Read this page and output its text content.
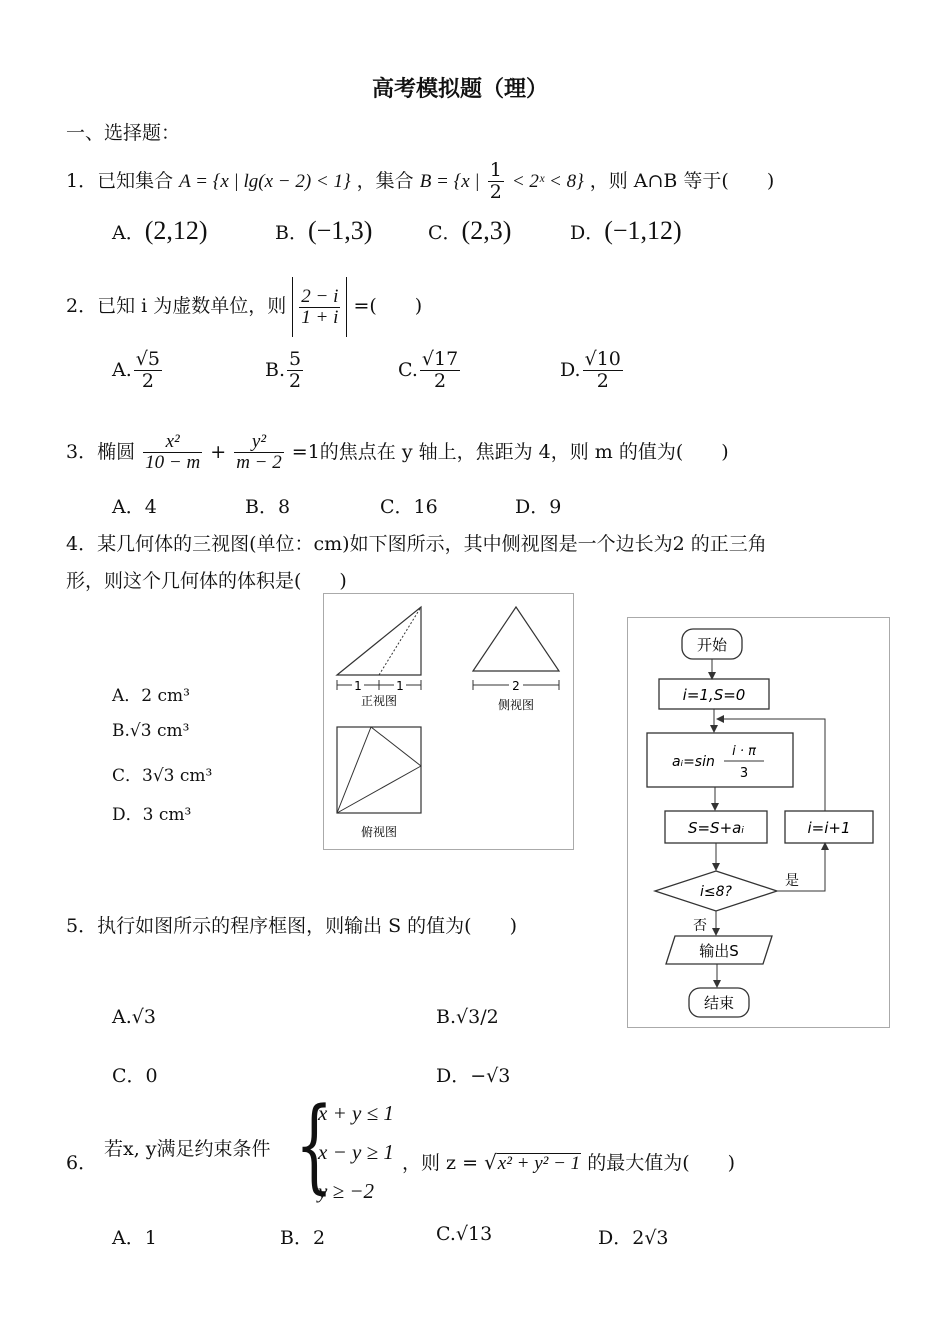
高考模拟题（理）
一、选择题：
1．已知集合 A = {x | lg(x − 2) < 1} ，集合 B = {x | $\frac{1}{2}$ < 2ˣ < 8} ，则 A∩B 等于(　　)
A．(2,12)	B．(−1,3)	C．(2,3)	D．(−1,12)
2．已知 i 为虚数单位，则 $\frac{2 - i}{1 + i}$ =(　　)
A. $\frac{√5}{2}$	B. $\frac{5}{2}$	C. $\frac{√17}{2}$	D. $\frac{√10}{2}$
3．椭圆 $\frac{\text{x²}}{10 - m} + \frac{\text{y²}}{m - 2} =1$的焦点在 y 轴上，焦距为 4，则 m 的值为(　　)
A．4	B．8	C．16	D．9
4．某几何体的三视图(单位：cm)如下图所示，其中侧视图是一个边长为2 的正三角
形，则这个几何体的体积是(　　)
A．2 cm³
B.√3 cm³
C．3√3 cm³
D．3 cm³
1	1
正视图
2
侧视图
俯视图
开始
i=1,S=0
aᵢ=sin
i · π
3
S=S+aᵢ	i=i+1
i≤8?
是
否
输出S
结束
5．执行如图所示的程序框图，则输出 S 的值为(　　)
A.√3	B.√3/2
C．0	D．−√3
6．
若x, y满足约束条件 {
x + y ≤ 1
x − y ≥ 1
y ≥ −2
，则 z = √x² + y² − 1 的最大值为(　　)
A．1	B．2	C.√13	D．2√3
